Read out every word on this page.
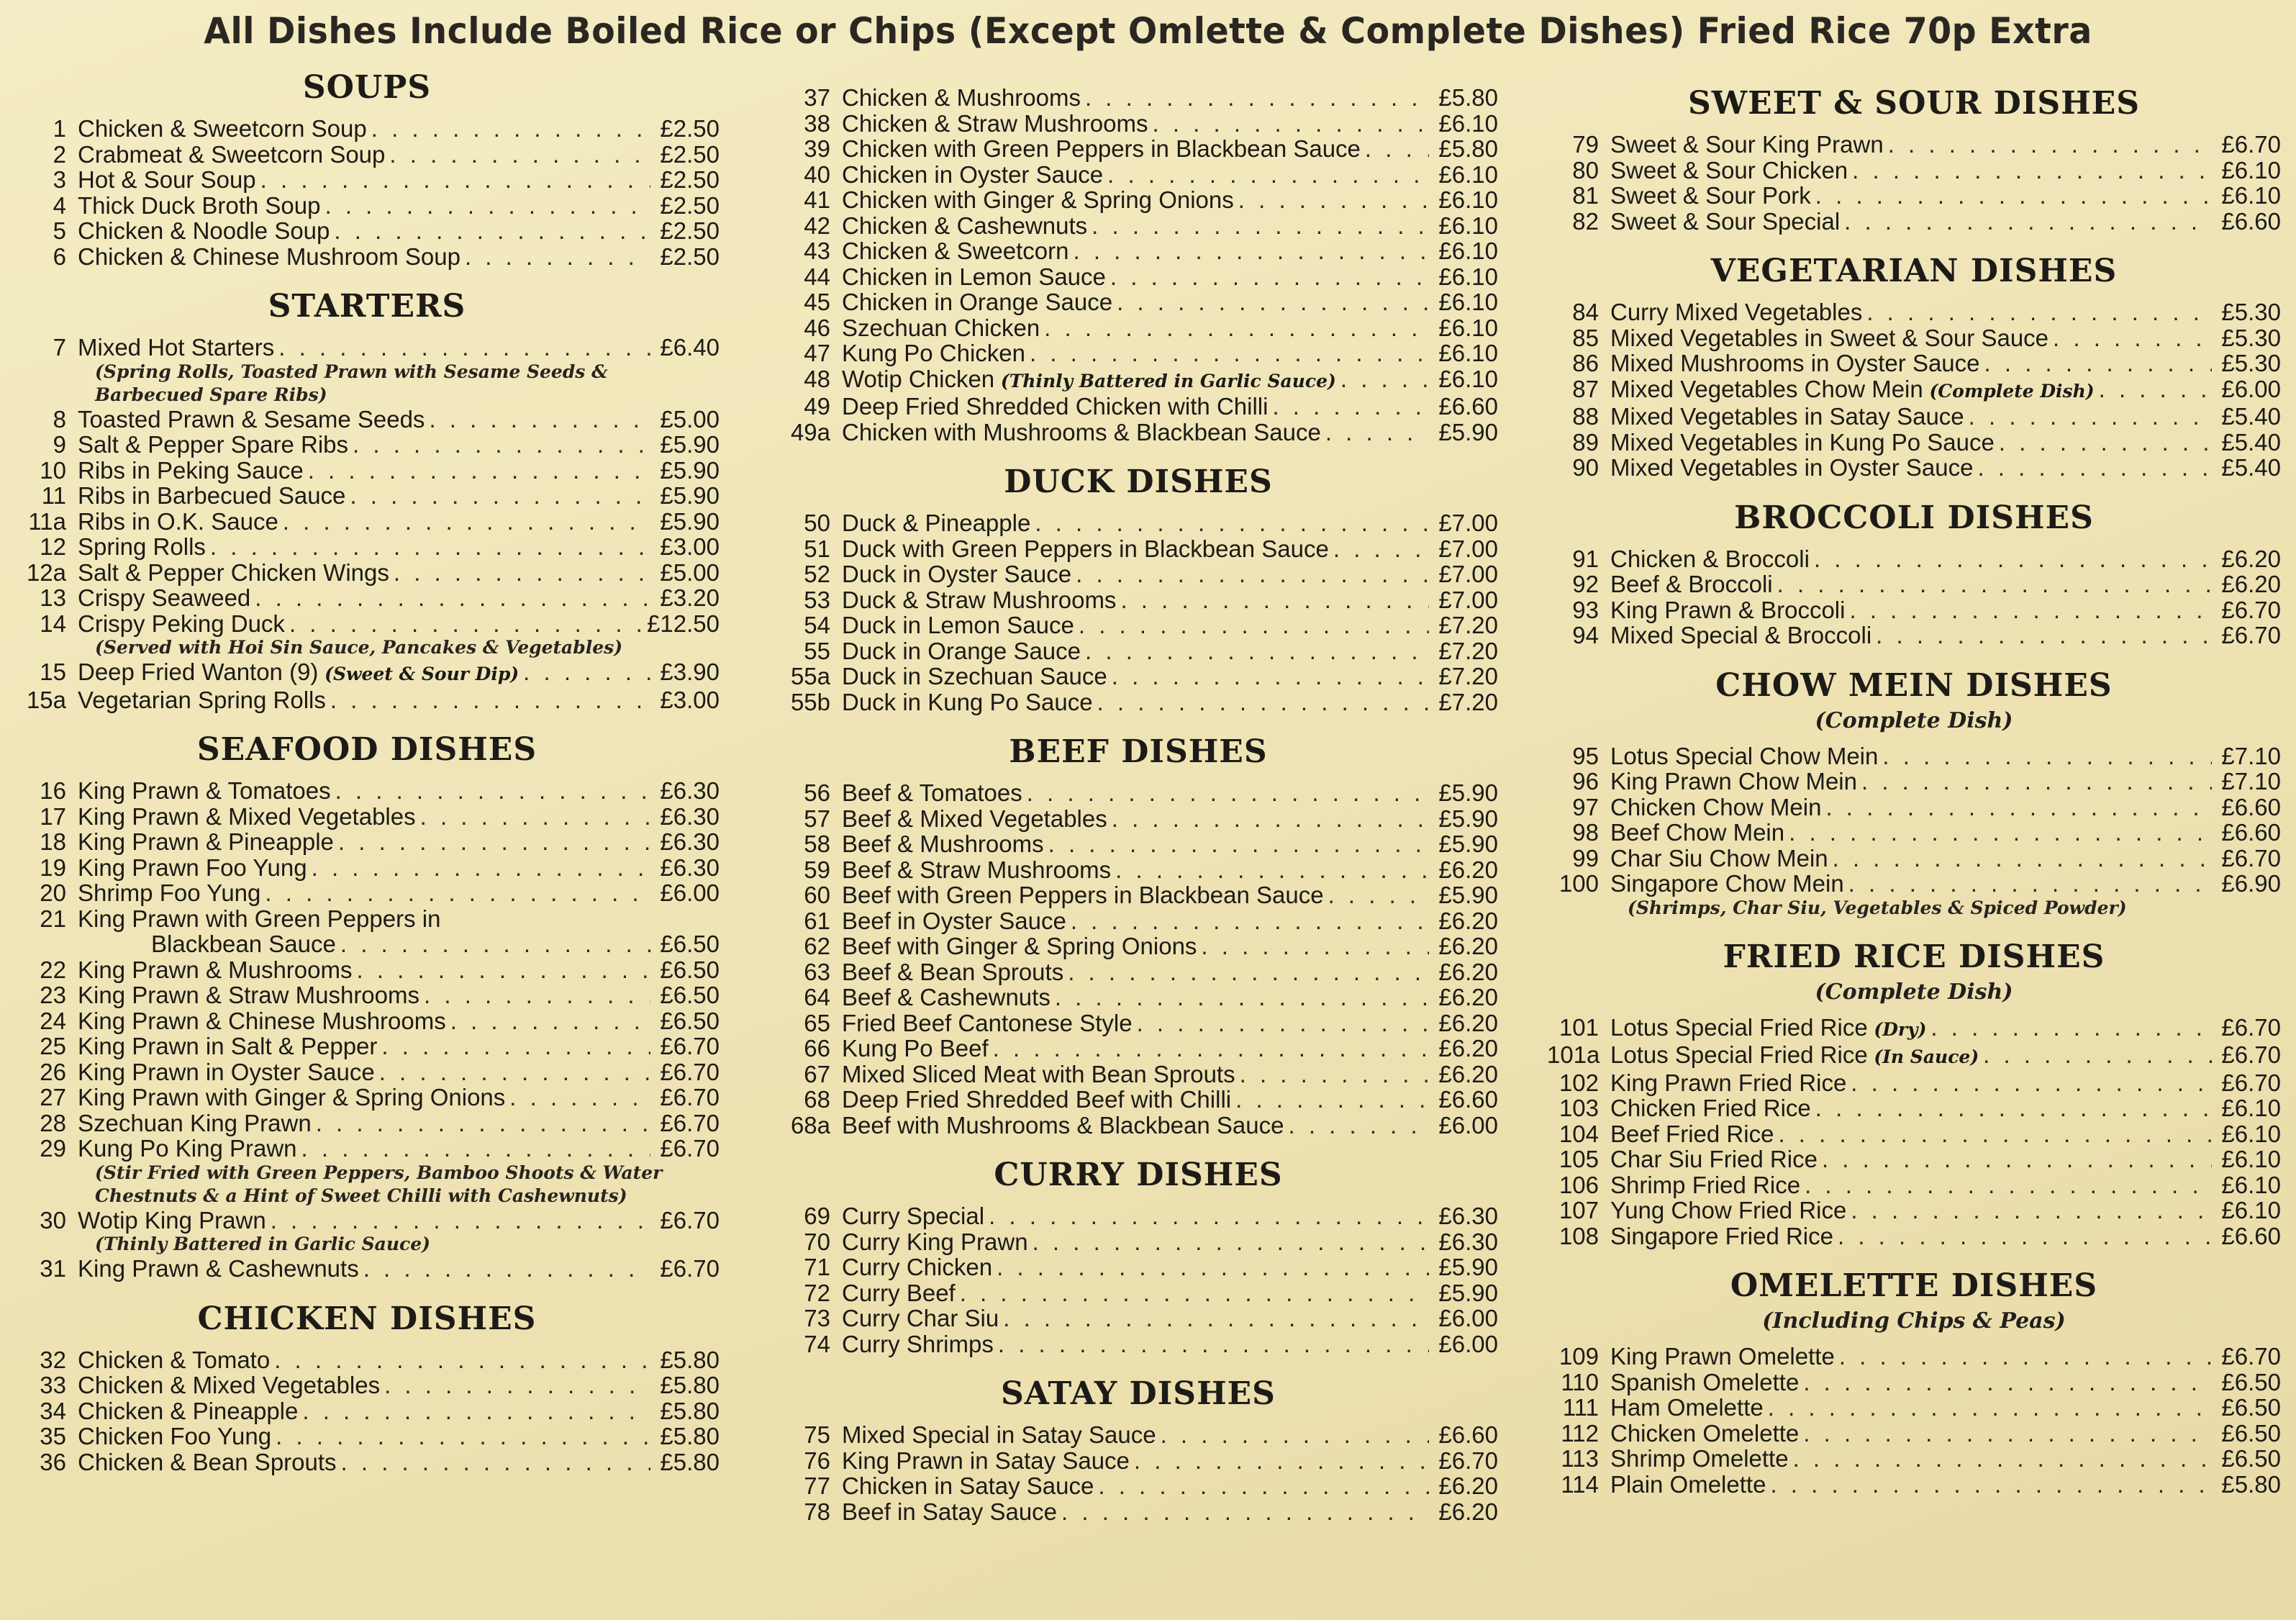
All Dishes Include Boiled Rice or Chips (Except Omlette & Complete Dishes) Fried Rice 70p Extra
SOUPS
1 Chicken & Sweetcorn Soup . . .	£2.50
2 Crabmeat & Sweetcorn Soup . . .	£2.50
3 Hot & Sour Soup . . .	£2.50
4 Thick Duck Broth Soup . . .	£2.50
5 Chicken & Noodle Soup . . .	£2.50
6 Chicken & Chinese Mushroom Soup . . .	£2.50
STARTERS
7 Mixed Hot Starters . . .	£6.40
(Spring Rolls, Toasted Prawn with Sesame Seeds & Barbecued Spare Ribs)
8 Toasted Prawn & Sesame Seeds . . .	£5.00
9 Salt & Pepper Spare Ribs . . .	£5.90
10 Ribs in Peking Sauce . . .	£5.90
11 Ribs in Barbecued Sauce . . .	£5.90
11a Ribs in O.K. Sauce . . .	£5.90
12 Spring Rolls . . .	£3.00
12a Salt & Pepper Chicken Wings . . .	£5.00
13 Crispy Seaweed . . .	£3.20
14 Crispy Peking Duck . . .	£12.50
(Served with Hoi Sin Sauce, Pancakes & Vegetables)
15 Deep Fried Wanton (9) (Sweet & Sour Dip) . . .	£3.90
15a Vegetarian Spring Rolls . . .	£3.00
SEAFOOD DISHES
16 King Prawn & Tomatoes . . .	£6.30
17 King Prawn & Mixed Vegetables . . .	£6.30
18 King Prawn & Pineapple . . .	£6.30
19 King Prawn Foo Yung . . .	£6.30
20 Shrimp Foo Yung . . .	£6.00
21 King Prawn with Green Peppers in
Blackbean Sauce . . .	£6.50
22 King Prawn & Mushrooms . . .	£6.50
23 King Prawn & Straw Mushrooms . . .	£6.50
24 King Prawn & Chinese Mushrooms . . .	£6.50
25 King Prawn in Salt & Pepper . . .	£6.70
26 King Prawn in Oyster Sauce . . .	£6.70
27 King Prawn with Ginger & Spring Onions . . .	£6.70
28 Szechuan King Prawn . . .	£6.70
29 Kung Po King Prawn . . .	£6.70
(Stir Fried with Green Peppers, Bamboo Shoots & Water Chestnuts & a Hint of Sweet Chilli with Cashewnuts)
30 Wotip King Prawn . . .	£6.70
(Thinly Battered in Garlic Sauce)
31 King Prawn & Cashewnuts . . .	£6.70
CHICKEN DISHES
32 Chicken & Tomato . . .	£5.80
33 Chicken & Mixed Vegetables . . .	£5.80
34 Chicken & Pineapple . . .	£5.80
35 Chicken Foo Yung . . .	£5.80
36 Chicken & Bean Sprouts . . .	£5.80
37 Chicken & Mushrooms . . .	£5.80
38 Chicken & Straw Mushrooms . . .	£6.10
39 Chicken with Green Peppers in Blackbean Sauce . . .	£5.80
40 Chicken in Oyster Sauce . . .	£6.10
41 Chicken with Ginger & Spring Onions . . .	£6.10
42 Chicken & Cashewnuts . . .	£6.10
43 Chicken & Sweetcorn . . .	£6.10
44 Chicken in Lemon Sauce . . .	£6.10
45 Chicken in Orange Sauce . . .	£6.10
46 Szechuan Chicken . . .	£6.10
47 Kung Po Chicken . . .	£6.10
48 Wotip Chicken (Thinly Battered in Garlic Sauce) . . .	£6.10
49 Deep Fried Shredded Chicken with Chilli . . .	£6.60
49a Chicken with Mushrooms & Blackbean Sauce . . .	£5.90
DUCK DISHES
50 Duck & Pineapple . . .	£7.00
51 Duck with Green Peppers in Blackbean Sauce . . .	£7.00
52 Duck in Oyster Sauce . . .	£7.00
53 Duck & Straw Mushrooms . . .	£7.00
54 Duck in Lemon Sauce . . .	£7.20
55 Duck in Orange Sauce . . .	£7.20
55a Duck in Szechuan Sauce . . .	£7.20
55b Duck in Kung Po Sauce . . .	£7.20
BEEF DISHES
56 Beef & Tomatoes . . .	£5.90
57 Beef & Mixed Vegetables . . .	£5.90
58 Beef & Mushrooms . . .	£5.90
59 Beef & Straw Mushrooms . . .	£6.20
60 Beef with Green Peppers in Blackbean Sauce . . .	£5.90
61 Beef in Oyster Sauce . . .	£6.20
62 Beef with Ginger & Spring Onions . . .	£6.20
63 Beef & Bean Sprouts . . .	£6.20
64 Beef & Cashewnuts . . .	£6.20
65 Fried Beef Cantonese Style . . .	£6.20
66 Kung Po Beef . . .	£6.20
67 Mixed Sliced Meat with Bean Sprouts . . .	£6.20
68 Deep Fried Shredded Beef with Chilli . . .	£6.60
68a Beef with Mushrooms & Blackbean Sauce . . .	£6.00
CURRY DISHES
69 Curry Special . . .	£6.30
70 Curry King Prawn . . .	£6.30
71 Curry Chicken . . .	£5.90
72 Curry Beef . . .	£5.90
73 Curry Char Siu . . .	£6.00
74 Curry Shrimps . . .	£6.00
SATAY DISHES
75 Mixed Special in Satay Sauce . . .	£6.60
76 King Prawn in Satay Sauce . . .	£6.70
77 Chicken in Satay Sauce . . .	£6.20
78 Beef in Satay Sauce . . .	£6.20
SWEET & SOUR DISHES
79 Sweet & Sour King Prawn . . .	£6.70
80 Sweet & Sour Chicken . . .	£6.10
81 Sweet & Sour Pork . . .	£6.10
82 Sweet & Sour Special . . .	£6.60
VEGETARIAN DISHES
84 Curry Mixed Vegetables . . .	£5.30
85 Mixed Vegetables in Sweet & Sour Sauce . . .	£5.30
86 Mixed Mushrooms in Oyster Sauce . . .	£5.30
87 Mixed Vegetables Chow Mein (Complete Dish) . . .	£6.00
88 Mixed Vegetables in Satay Sauce . . .	£5.40
89 Mixed Vegetables in Kung Po Sauce . . .	£5.40
90 Mixed Vegetables in Oyster Sauce . . .	£5.40
BROCCOLI DISHES
91 Chicken & Broccoli . . .	£6.20
92 Beef & Broccoli . . .	£6.20
93 King Prawn & Broccoli . . .	£6.70
94 Mixed Special & Broccoli . . .	£6.70
CHOW MEIN DISHES
(Complete Dish)
95 Lotus Special Chow Mein . . .	£7.10
96 King Prawn Chow Mein . . .	£7.10
97 Chicken Chow Mein . . .	£6.60
98 Beef Chow Mein . . .	£6.60
99 Char Siu Chow Mein . . .	£6.70
100 Singapore Chow Mein . . .	£6.90
(Shrimps, Char Siu, Vegetables & Spiced Powder)
FRIED RICE DISHES
(Complete Dish)
101 Lotus Special Fried Rice (Dry) . . .	£6.70
101a Lotus Special Fried Rice (In Sauce) . . .	£6.70
102 King Prawn Fried Rice . . .	£6.70
103 Chicken Fried Rice . . .	£6.10
104 Beef Fried Rice . . .	£6.10
105 Char Siu Fried Rice . . .	£6.10
106 Shrimp Fried Rice . . .	£6.10
107 Yung Chow Fried Rice . . .	£6.10
108 Singapore Fried Rice . . .	£6.60
OMELETTE DISHES
(Including Chips & Peas)
109 King Prawn Omelette . . .	£6.70
110 Spanish Omelette . . .	£6.50
111 Ham Omelette . . .	£6.50
112 Chicken Omelette . . .	£6.50
113 Shrimp Omelette . . .	£6.50
114 Plain Omelette . . .	£5.80
